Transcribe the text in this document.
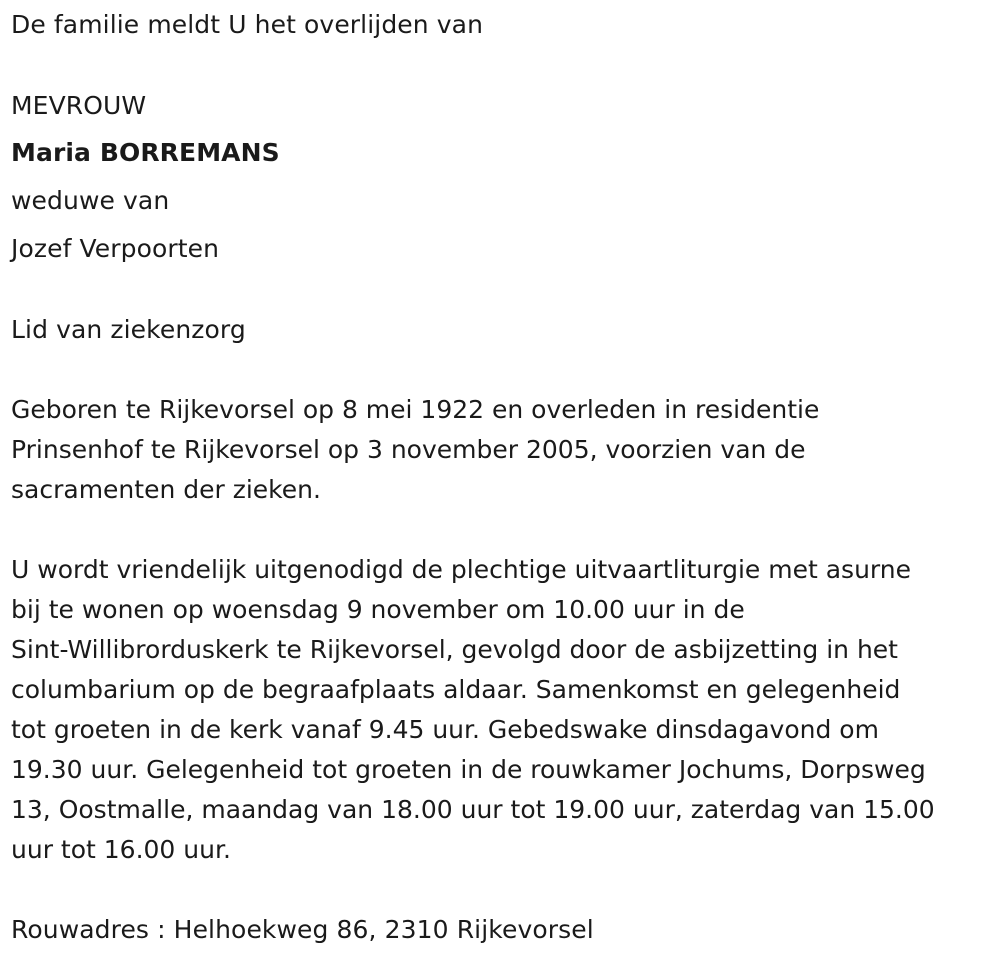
De familie meldt U het overlijden van
MEVROUW
Maria BORREMANS
weduwe van
Jozef Verpoorten
Lid van ziekenzorg
Geboren te Rijkevorsel op 8 mei 1922 en overleden in residentie
Prinsenhof te Rijkevorsel op 3 november 2005, voorzien van de
sacramenten der zieken.
U wordt vriendelijk uitgenodigd de plechtige uitvaartliturgie met asurne
bij te wonen op woensdag 9 november om 10.00 uur in de
Sint-Willibrorduskerk te Rijkevorsel, gevolgd door de asbijzetting in het
columbarium op de begraafplaats aldaar. Samenkomst en gelegenheid
tot groeten in de kerk vanaf 9.45 uur. Gebedswake dinsdagavond om
19.30 uur. Gelegenheid tot groeten in de rouwkamer Jochums, Dorpsweg
13, Oostmalle, maandag van 18.00 uur tot 19.00 uur, zaterdag van 15.00
uur tot 16.00 uur.
Rouwadres : Helhoekweg 86, 2310 Rijkevorsel
